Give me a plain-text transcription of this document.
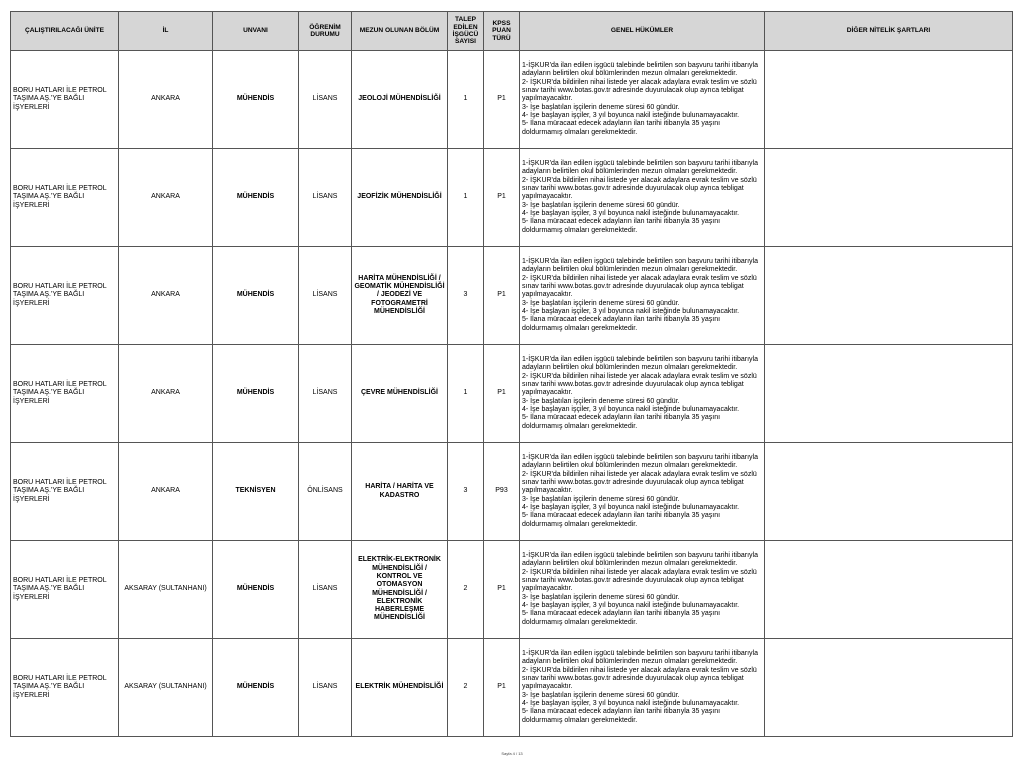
ÇALIŞTIRILACAĞI ÜNİTE	İL	UNVANI	ÖĞRENİM DURUMU	MEZUN OLUNAN BÖLÜM	TALEP EDİLEN İŞGÜCÜ SAYISI	KPSS PUAN TÜRÜ	GENEL HÜKÜMLER	DİĞER NİTELİK ŞARTLARI
BORU HATLARI İLE PETROL TAŞIMA AŞ.'YE BAĞLI İŞYERLERİ	ANKARA	MÜHENDİS	LİSANS	JEOLOJİ MÜHENDİSLİĞİ	1	P1	1-İŞKUR'da ilan edilen işgücü talebinde belirtilen son başvuru tarihi itibarıyla adayların belirtilen okul bölümlerinden mezun olmaları gerekmektedir.
2- İŞKUR'da bildirilen nihai listede yer alacak adaylara evrak teslim ve sözlü sınav tarihi www.botas.gov.tr adresinde duyurulacak olup ayrıca tebligat yapılmayacaktır.
3- İşe başlatılan işçilerin deneme süresi 60 gündür.
4- İşe başlayan işçiler, 3 yıl boyunca nakil isteğinde bulunamayacaktır.
5- İlana müracaat edecek adayların ilan tarihi itibarıyla 35 yaşını doldurmamış olmaları gerekmektedir.	

BORU HATLARI İLE PETROL TAŞIMA AŞ.'YE BAĞLI İŞYERLERİ	ANKARA	MÜHENDİS	LİSANS	JEOFİZİK MÜHENDİSLİĞİ	1	P1	1-İŞKUR'da ilan edilen işgücü talebinde belirtilen son başvuru tarihi itibarıyla adayların belirtilen okul bölümlerinden mezun olmaları gerekmektedir.
2- İŞKUR'da bildirilen nihai listede yer alacak adaylara evrak teslim ve sözlü sınav tarihi www.botas.gov.tr adresinde duyurulacak olup ayrıca tebligat yapılmayacaktır.
3- İşe başlatılan işçilerin deneme süresi 60 gündür.
4- İşe başlayan işçiler, 3 yıl boyunca nakil isteğinde bulunamayacaktır.
5- İlana müracaat edecek adayların ilan tarihi itibarıyla 35 yaşını doldurmamış olmaları gerekmektedir.	

BORU HATLARI İLE PETROL TAŞIMA AŞ.'YE BAĞLI İŞYERLERİ	ANKARA	MÜHENDİS	LİSANS	HARİTA MÜHENDİSLİĞİ / GEOMATİK MÜHENDİSLİĞİ / JEODEZİ VE FOTOGRAMETRİ MÜHENDİSLİĞİ	3	P1	1-İŞKUR'da ilan edilen işgücü talebinde belirtilen son başvuru tarihi itibarıyla adayların belirtilen okul bölümlerinden mezun olmaları gerekmektedir.
2- İŞKUR'da bildirilen nihai listede yer alacak adaylara evrak teslim ve sözlü sınav tarihi www.botas.gov.tr adresinde duyurulacak olup ayrıca tebligat yapılmayacaktır.
3- İşe başlatılan işçilerin deneme süresi 60 gündür.
4- İşe başlayan işçiler, 3 yıl boyunca nakil isteğinde bulunamayacaktır.
5- İlana müracaat edecek adayların ilan tarihi itibarıyla 35 yaşını doldurmamış olmaları gerekmektedir.	

BORU HATLARI İLE PETROL TAŞIMA AŞ.'YE BAĞLI İŞYERLERİ	ANKARA	MÜHENDİS	LİSANS	ÇEVRE MÜHENDİSLİĞİ	1	P1	1-İŞKUR'da ilan edilen işgücü talebinde belirtilen son başvuru tarihi itibarıyla adayların belirtilen okul bölümlerinden mezun olmaları gerekmektedir.
2- İŞKUR'da bildirilen nihai listede yer alacak adaylara evrak teslim ve sözlü sınav tarihi www.botas.gov.tr adresinde duyurulacak olup ayrıca tebligat yapılmayacaktır.
3- İşe başlatılan işçilerin deneme süresi 60 gündür.
4- İşe başlayan işçiler, 3 yıl boyunca nakil isteğinde bulunamayacaktır.
5- İlana müracaat edecek adayların ilan tarihi itibarıyla 35 yaşını doldurmamış olmaları gerekmektedir.	

BORU HATLARI İLE PETROL TAŞIMA AŞ.'YE BAĞLI İŞYERLERİ	ANKARA	TEKNİSYEN	ÖNLİSANS	HARİTA / HARİTA VE KADASTRO	3	P93	1-İŞKUR'da ilan edilen işgücü talebinde belirtilen son başvuru tarihi itibarıyla adayların belirtilen okul bölümlerinden mezun olmaları gerekmektedir.
2- İŞKUR'da bildirilen nihai listede yer alacak adaylara evrak teslim ve sözlü sınav tarihi www.botas.gov.tr adresinde duyurulacak olup ayrıca tebligat yapılmayacaktır.
3- İşe başlatılan işçilerin deneme süresi 60 gündür.
4- İşe başlayan işçiler, 3 yıl boyunca nakil isteğinde bulunamayacaktır.
5- İlana müracaat edecek adayların ilan tarihi itibarıyla 35 yaşını doldurmamış olmaları gerekmektedir.	

BORU HATLARI İLE PETROL TAŞIMA AŞ.'YE BAĞLI İŞYERLERİ	AKSARAY (SULTANHANI)	MÜHENDİS	LİSANS	ELEKTRİK-ELEKTRONİK MÜHENDİSLİĞİ / KONTROL VE OTOMASYON MÜHENDİSLİĞİ / ELEKTRONİK HABERLEŞME MÜHENDİSLİĞİ	2	P1	1-İŞKUR'da ilan edilen işgücü talebinde belirtilen son başvuru tarihi itibarıyla adayların belirtilen okul bölümlerinden mezun olmaları gerekmektedir.
2- İŞKUR'da bildirilen nihai listede yer alacak adaylara evrak teslim ve sözlü sınav tarihi www.botas.gov.tr adresinde duyurulacak olup ayrıca tebligat yapılmayacaktır.
3- İşe başlatılan işçilerin deneme süresi 60 gündür.
4- İşe başlayan işçiler, 3 yıl boyunca nakil isteğinde bulunamayacaktır.
5- İlana müracaat edecek adayların ilan tarihi itibarıyla 35 yaşını doldurmamış olmaları gerekmektedir.	

BORU HATLARI İLE PETROL TAŞIMA AŞ.'YE BAĞLI İŞYERLERİ	AKSARAY (SULTANHANI)	MÜHENDİS	LİSANS	ELEKTRİK MÜHENDİSLİĞİ	2	P1	1-İŞKUR'da ilan edilen işgücü talebinde belirtilen son başvuru tarihi itibarıyla adayların belirtilen okul bölümlerinden mezun olmaları gerekmektedir.
2- İŞKUR'da bildirilen nihai listede yer alacak adaylara evrak teslim ve sözlü sınav tarihi www.botas.gov.tr adresinde duyurulacak olup ayrıca tebligat yapılmayacaktır.
3- İşe başlatılan işçilerin deneme süresi 60 gündür.
4- İşe başlayan işçiler, 3 yıl boyunca nakil isteğinde bulunamayacaktır.
5- İlana müracaat edecek adayların ilan tarihi itibarıyla 35 yaşını doldurmamış olmaları gerekmektedir.	

Sayfa 4 / 13
